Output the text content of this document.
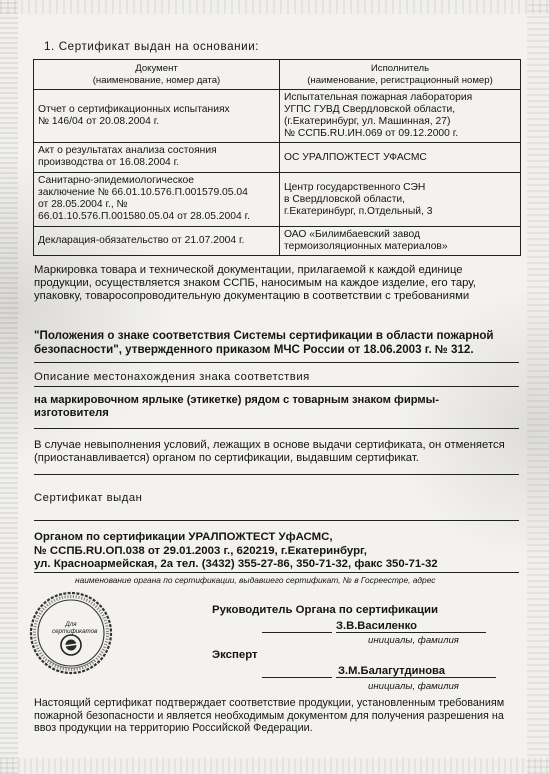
1. Сертификат выдан на основании:
Документ
(наименование, номер дата)	Исполнитель
(наименование, регистрационный номер)

Отчет о сертификационных испытаниях
№ 146/04 от 20.08.2004 г.	Испытательная пожарная лаборатория
УГПС ГУВД Свердловской области,
(г.Екатеринбург, ул. Машинная, 27)
№ ССПБ.RU.ИН.069 от 09.12.2000 г.

Акт о результатах анализа состояния
производства от 16.08.2004 г.	ОС УРАЛПОЖТЕСТ УФАСМС

Санитарно-эпидемиологическое
заключение № 66.01.10.576.П.001579.05.04
от 28.05.2004 г., №
66.01.10.576.П.001580.05.04 от 28.05.2004 г.	Центр государственного СЭН
в Свердловской области,
г.Екатеринбург, п.Отдельный, 3

Декларация-обязательство от 21.07.2004 г.	ОАО «Билимбаевский завод
термоизоляционных материалов»
Маркировка товара и технической документации, прилагаемой к каждой единице
продукции, осуществляется знаком ССПБ, наносимым на каждое изделие, его тару,
упаковку, товаросопроводительную документацию в соответствии с требованиями
"Положения о знаке соответствия Системы сертификации в области пожарной
безопасности", утвержденного приказом МЧС России от 18.06.2003 г. № 312.
Описание местонахождения знака соответствия
на маркировочном ярлыке (этикетке) рядом с товарным знаком фирмы-
изготовителя
В случае невыполнения условий, лежащих в основе выдачи сертификата, он отменяется
(приостанавливается) органом по сертификации, выдавшим сертификат.
Сертификат выдан
Органом по сертификации УРАЛПОЖТЕСТ УфАСМС,
№ ССПБ.RU.ОП.038 от 29.01.2003 г., 620219, г.Екатеринбург,
ул. Красноармейская, 2а тел. (3432) 355-27-86, 350-71-32, факс 350-71-32
наименование органа по сертификации, выдавшего сертификат, № в Госреестре, адрес
Для сертификатов
Руководитель Органа по сертификации
З.В.Василенко
инициалы, фамилия
Эксперт
З.М.Балагутдинова
инициалы, фамилия
Настоящий сертификат подтверждает соответствие продукции, установленным требованиям
пожарной безопасности и является необходимым документом для получения разрешения на
ввоз продукции на территорию Российской Федерации.
